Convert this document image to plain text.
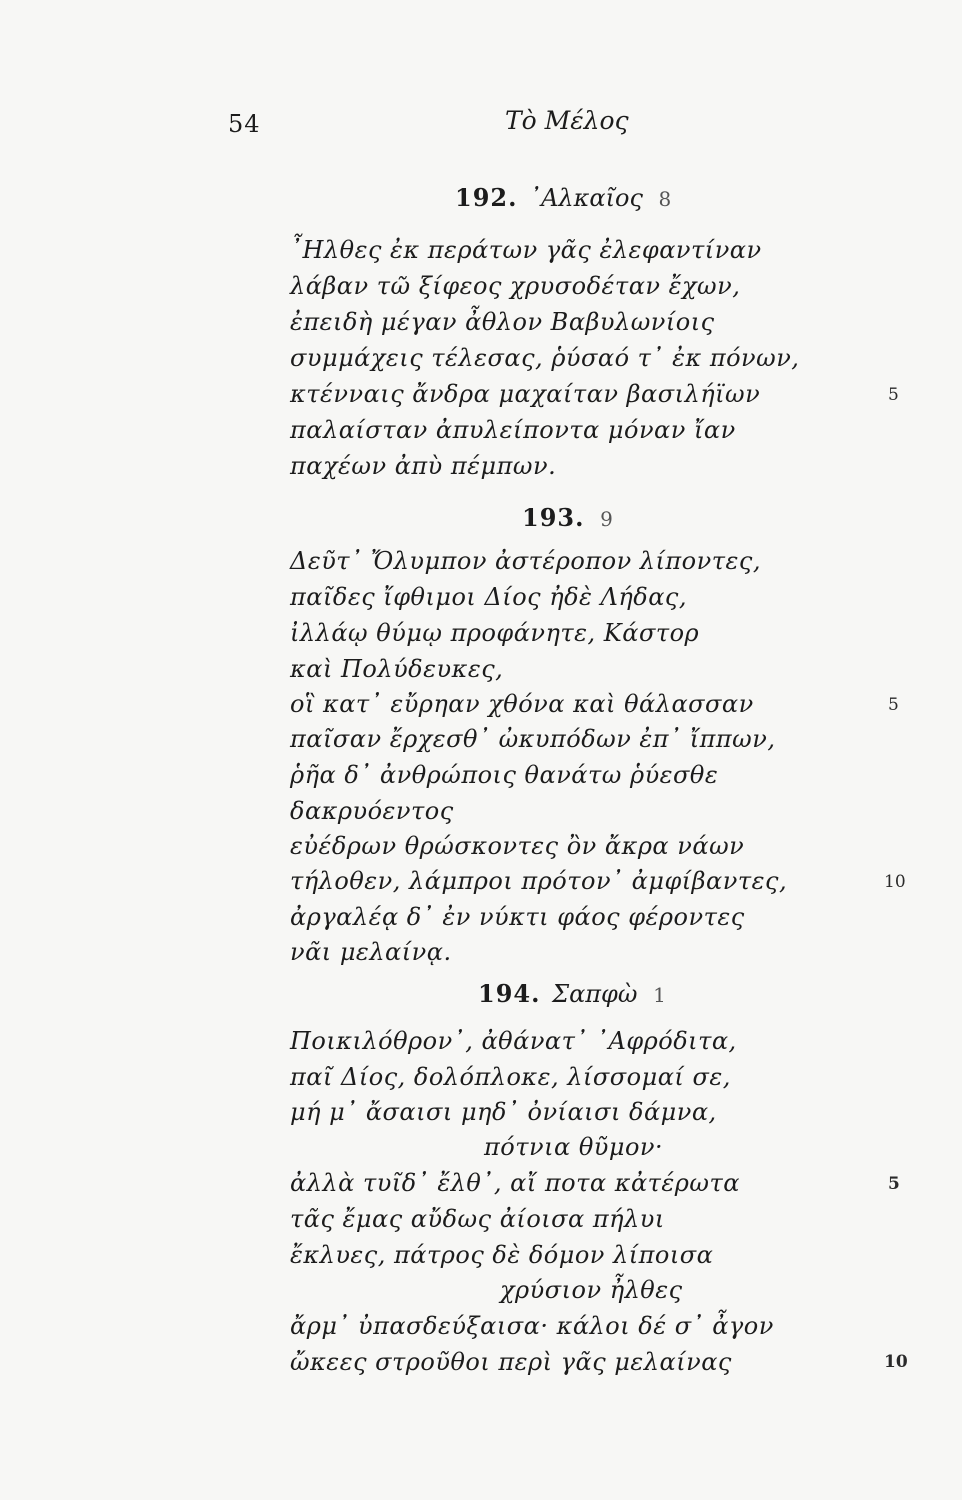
54	Τὸ Μέλος
192. ᾿Αλκαῖος 8
῏Ηλθες ἐκ περάτων γᾶς ἐλεφαντίναν
λάβαν τῶ ξίφεος χρυσοδέταν ἔχων,
ἐπειδὴ μέγαν ἆθλον Βαβυλωνίοις
συμμάχεις τέλεσας, ῥύσαό τ᾿ ἐκ πόνων,
κτένναις ἄνδρα μαχαίταν βασιλήϊων	5
παλαίσταν ἀπυλείποντα μόναν ἴαν
παχέων ἀπὺ πέμπων.
193. 9
Δεῦτ᾿ Ὄλυμπον ἀστέροπον λίποντες,
παῖδες ἴφθιμοι Δίος ἠδὲ Λήδας,
ἰλλάῳ θύμῳ προφάνητε, Κάστορ
καὶ Πολύδευκες,
οἳ κατ᾿ εὔρηαν χθόνα καὶ θάλασσαν	5
παῖσαν ἔρχεσθ᾿ ὠκυπόδων ἐπ᾿ ἴππων,
ῥῆα δ᾿ ἀνθρώποις θανάτω ῥύεσθε
δακρυόεντος
εὐέδρων θρώσκοντες ὂν ἄκρα νάων
τήλοθεν, λάμπροι πρότον᾿ ἀμφίβαντες,	10
ἀργαλέᾳ δ᾿ ἐν νύκτι φάος φέροντες
νᾶι μελαίνᾳ.
194. Σαπφὼ 1
Ποικιλόθρον᾿, ἀθάνατ᾿ ᾿Αφρόδιτα,
παῖ Δίος, δολόπλοκε, λίσσομαί σε,
μή μ᾿ ἄσαισι μηδ᾿ ὀνίαισι δάμνα,
πότνια θῦμον·
ἀλλὰ τυῖδ᾿ ἔλθ᾿, αἴ ποτα κἀτέρωτα	5
τᾶς ἔμας αὔδως ἀίοισα πήλυι
ἔκλυες, πάτρος δὲ δόμον λίποισα
χρύσιον ἦλθες
ἄρμ᾿ ὐπασδεύξαισα· κάλοι δέ σ᾿ ἆγον
ὤκεες στροῦθοι περὶ γᾶς μελαίνας	10
